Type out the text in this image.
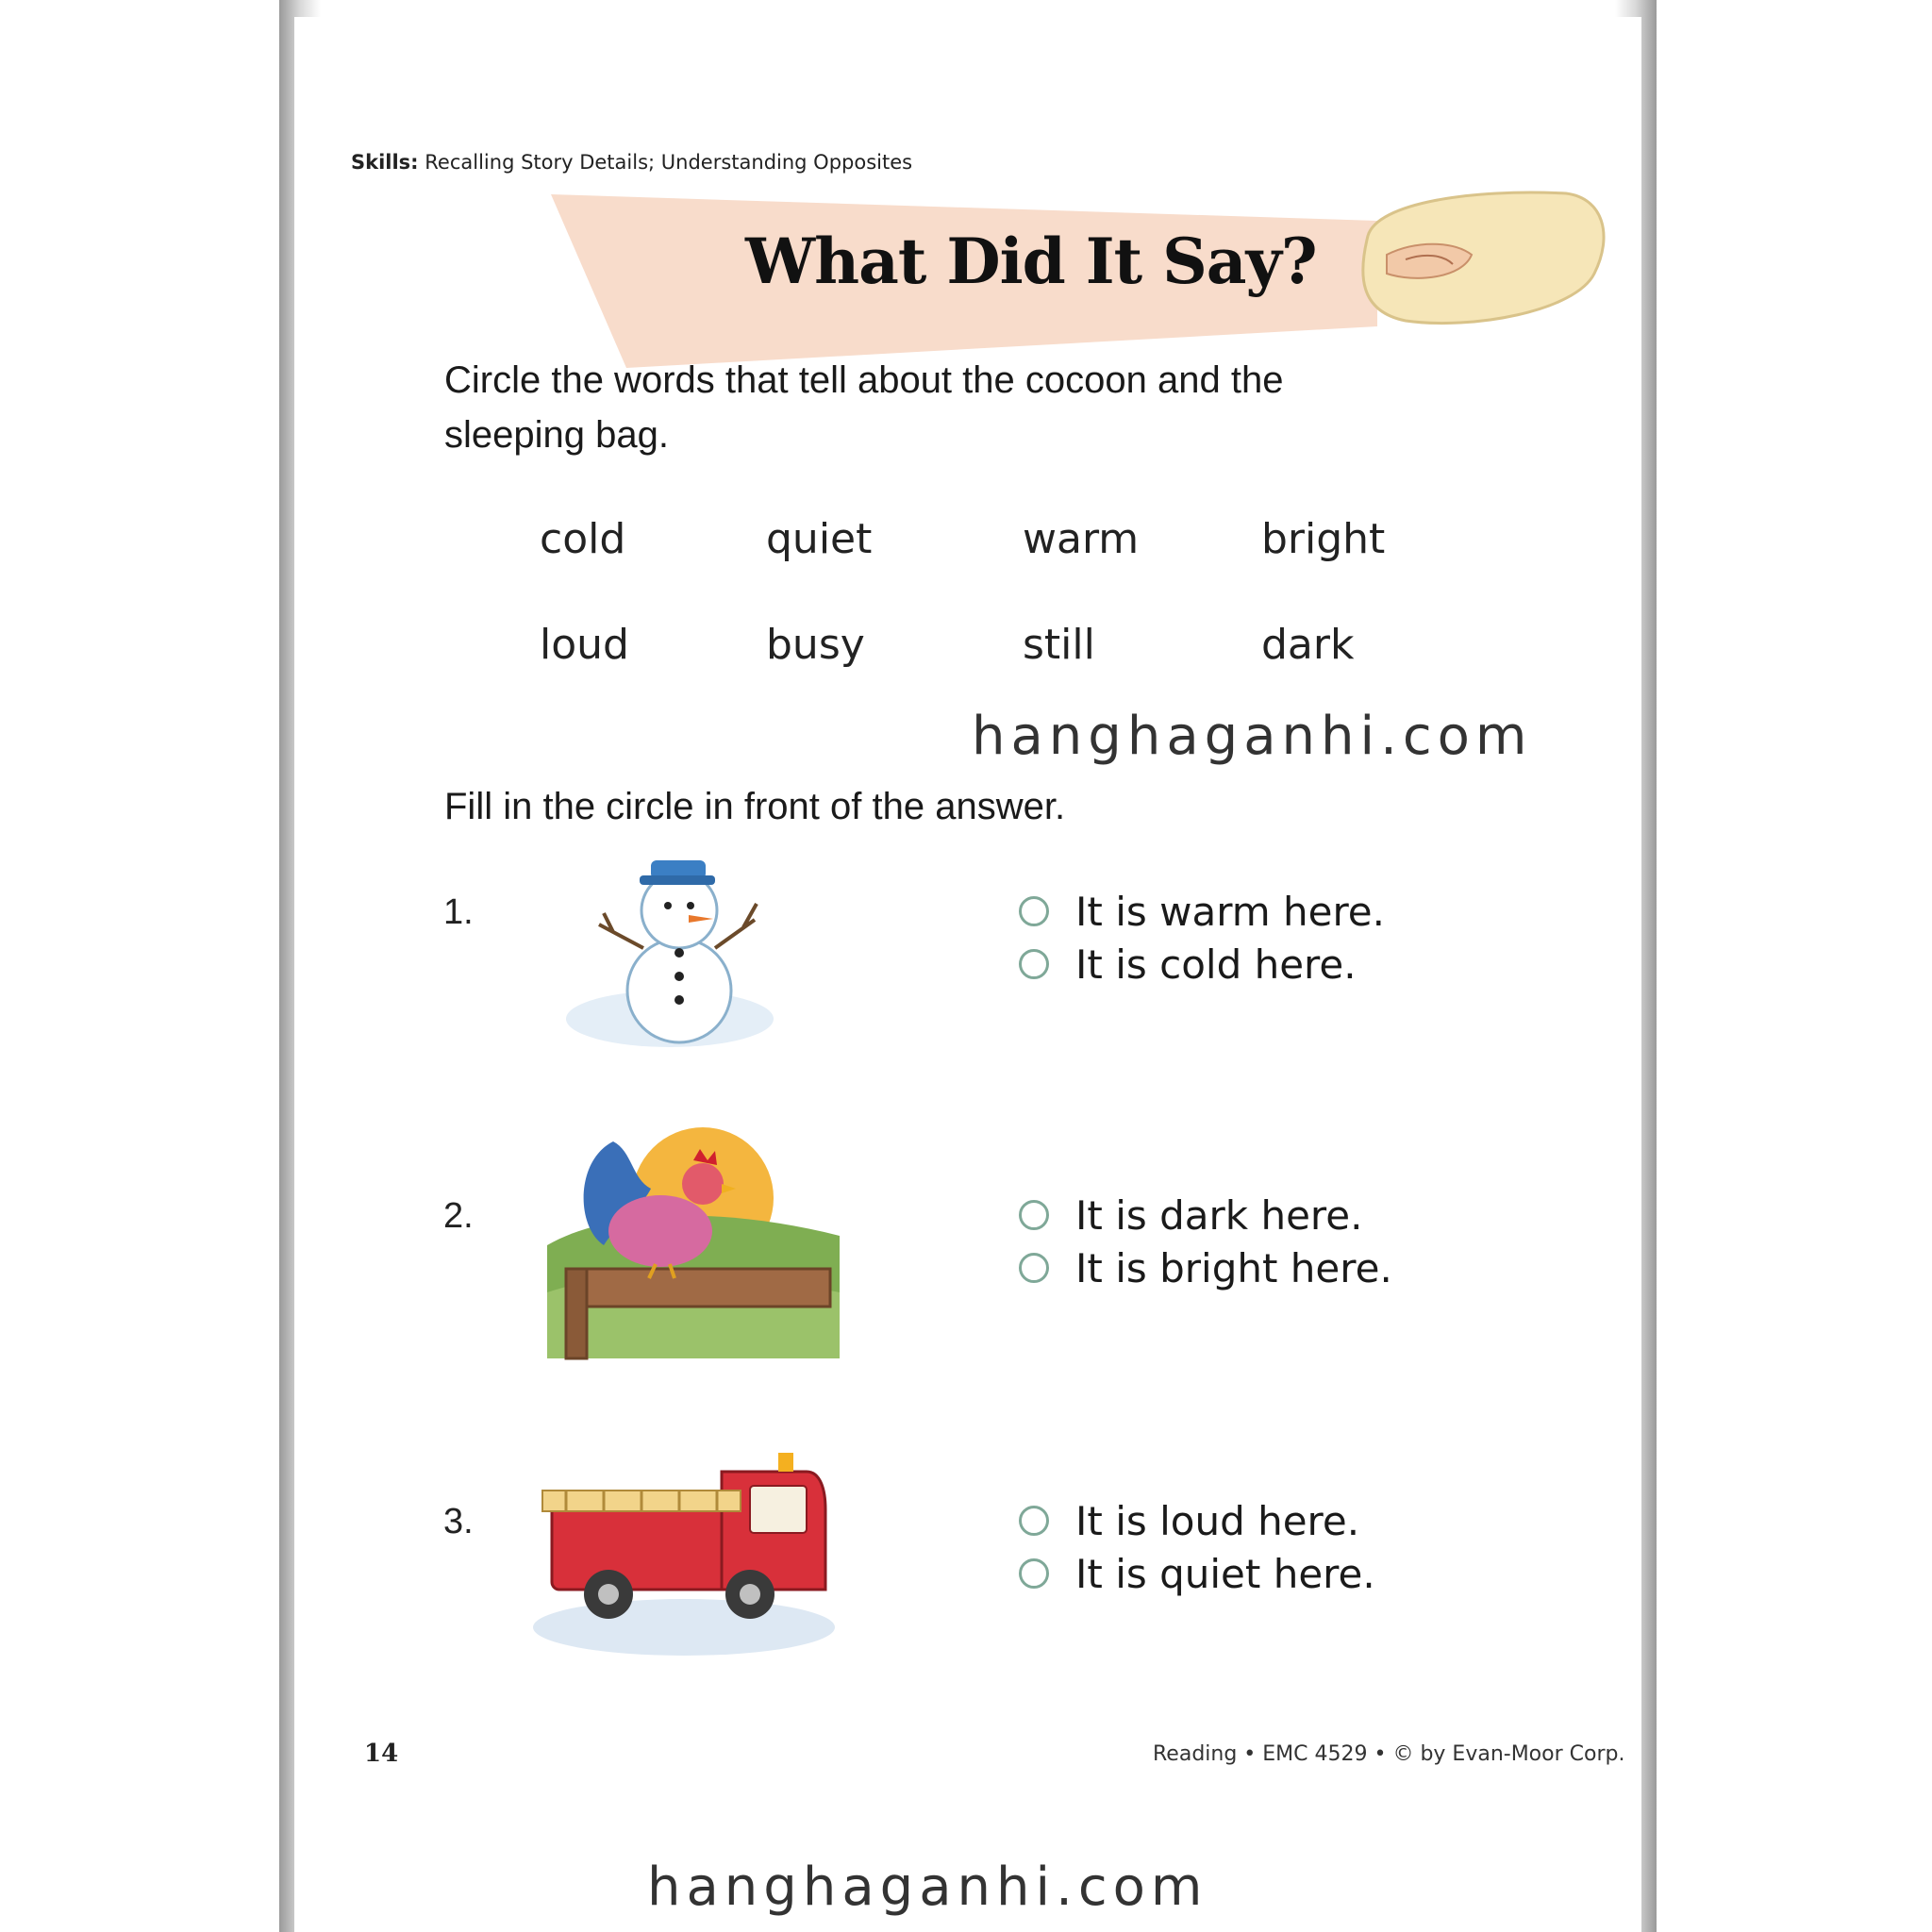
Skills: Recalling Story Details; Understanding Opposites
What Did It Say?
Circle the words that tell about the cocoon and the
sleeping bag.
cold	quiet	warm	bright
loud	busy	still	dark
hanghaganhi.com
Fill in the circle in front of the answer.
1.	It is warm here.
It is cold here.
2.	It is dark here.
It is bright here.
3.	It is loud here.
It is quiet here.
14	Reading • EMC 4529 • © by Evan-Moor Corp.
hanghaganhi.com
